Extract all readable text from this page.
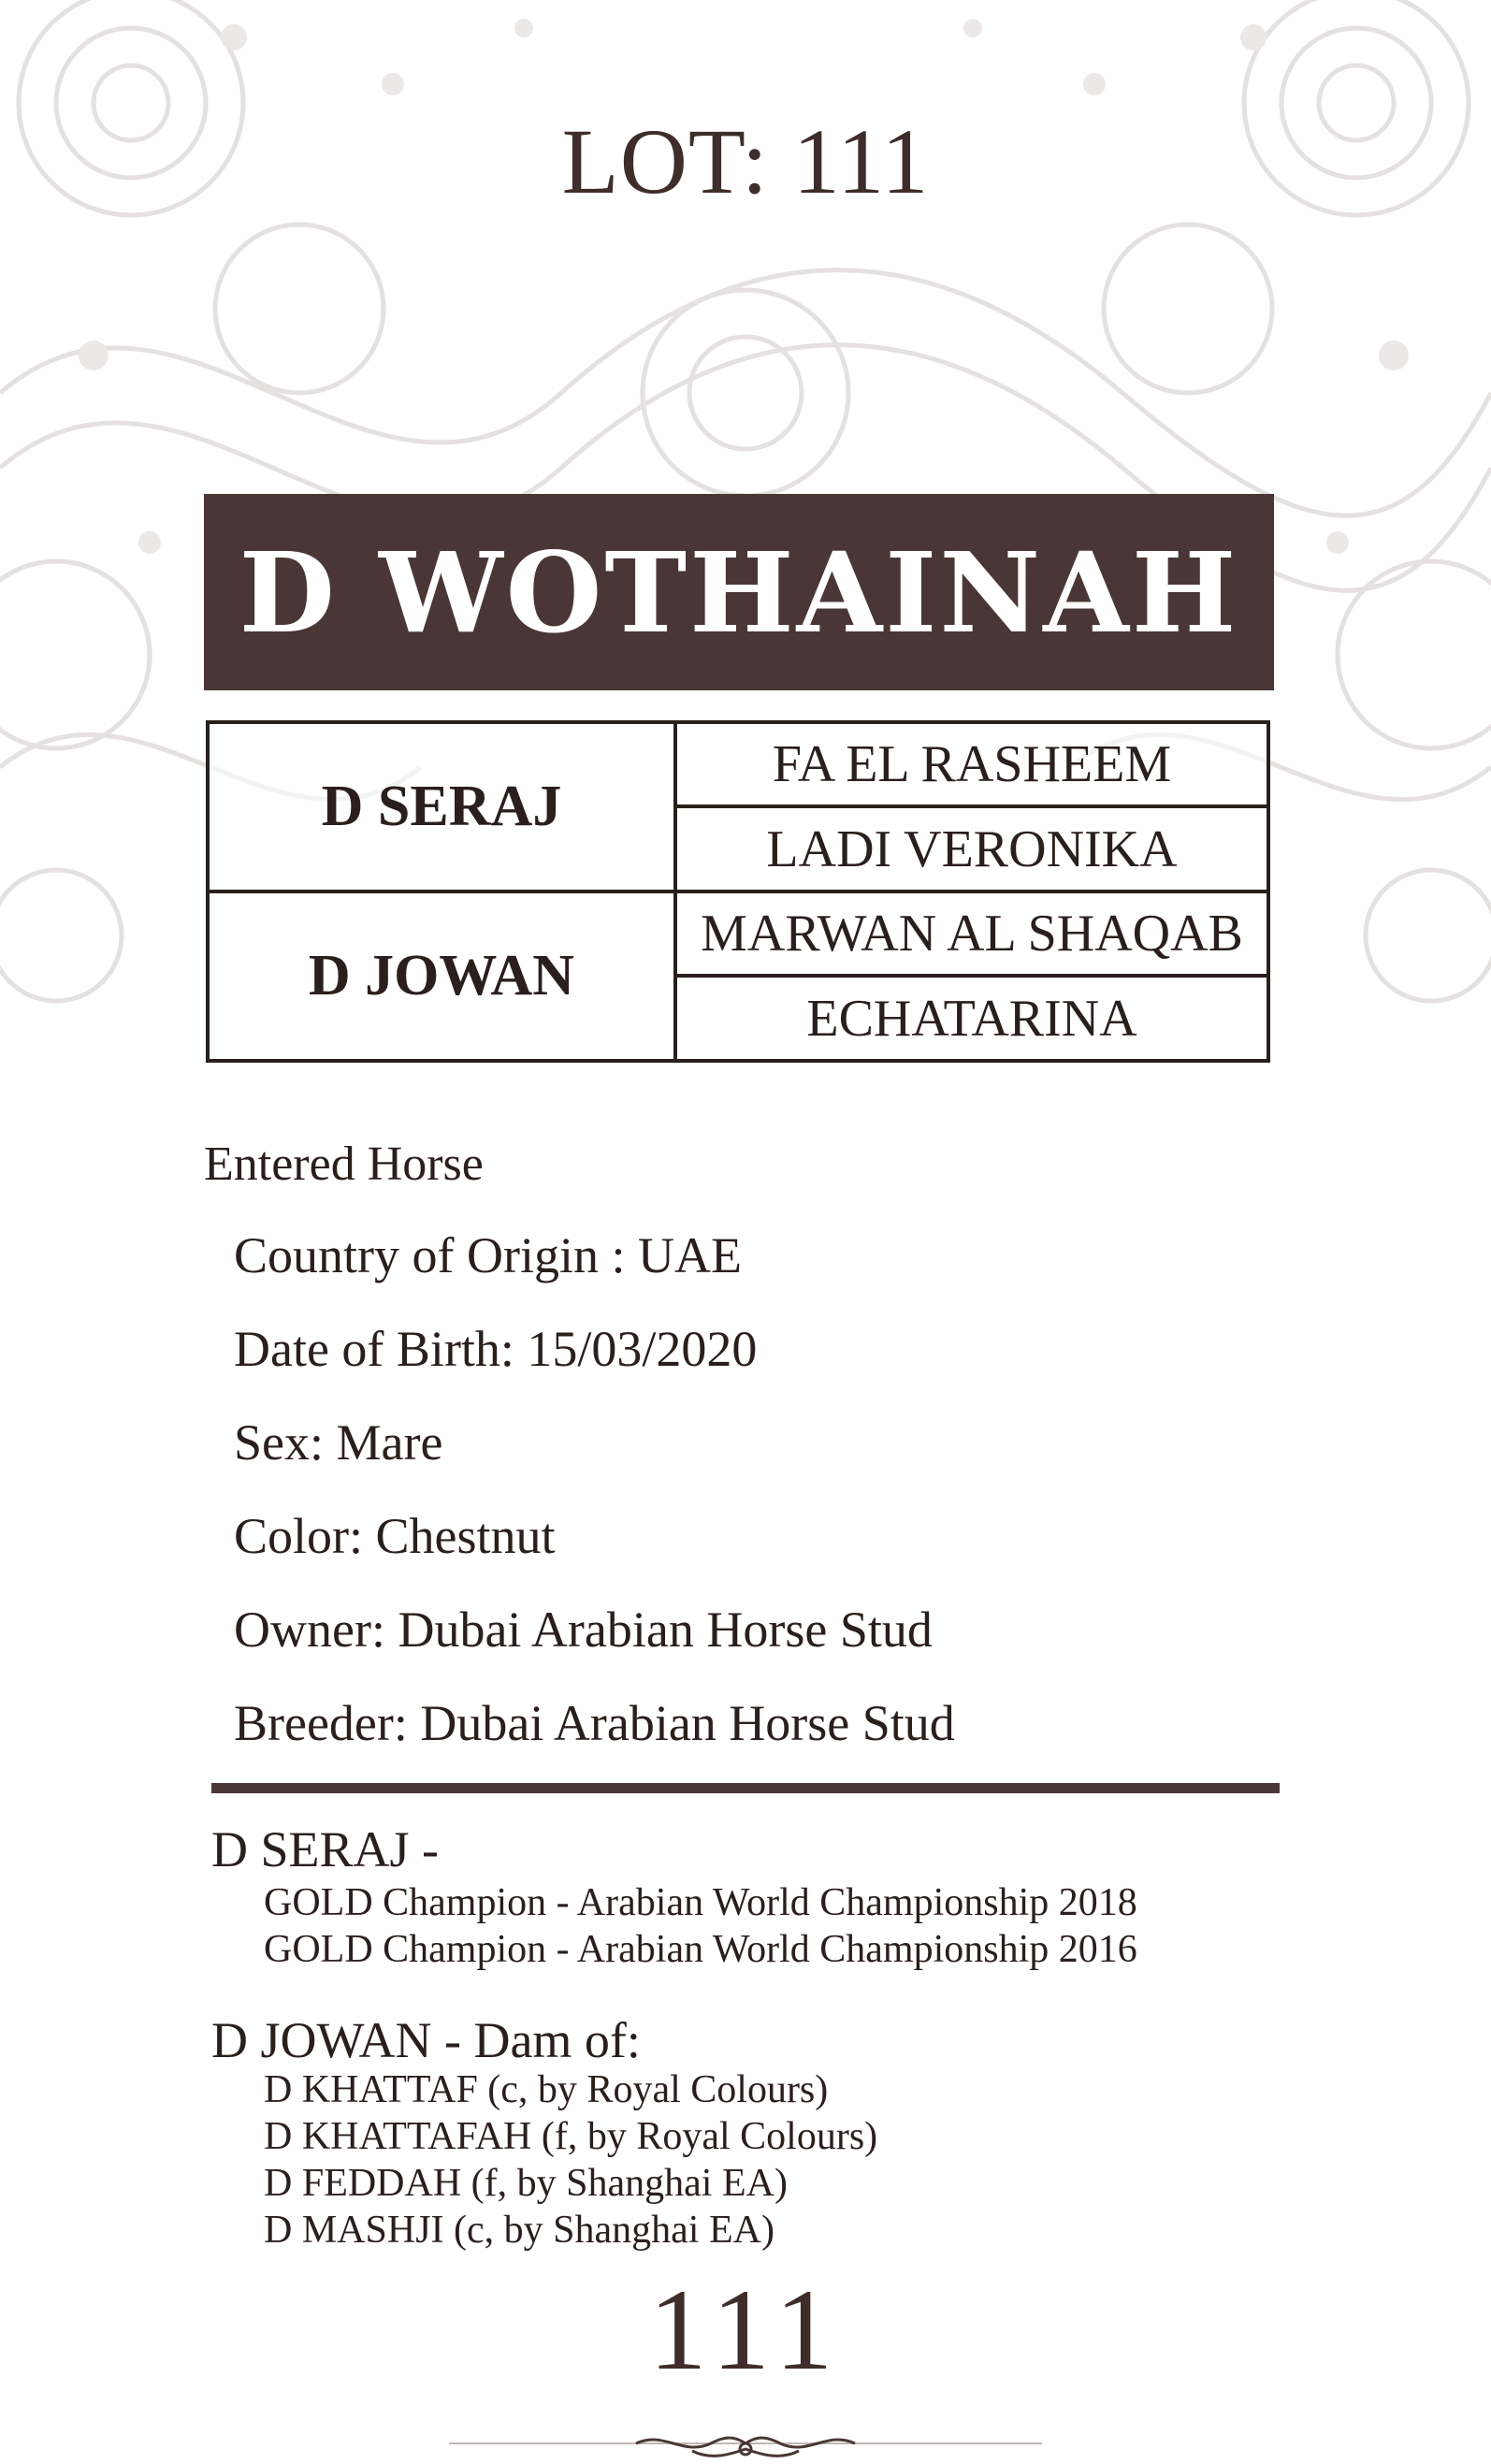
LOT: 111
D WOTHAINAH
D SERAJ
D JOWAN
FA EL RASHEEM
LADI VERONIKA
MARWAN AL SHAQAB
ECHATARINA
Entered Horse
Country of Origin : UAE
Date of Birth: 15/03/2020
Sex: Mare
Color: Chestnut
Owner: Dubai Arabian Horse Stud
Breeder: Dubai Arabian Horse Stud
D SERAJ -
GOLD Champion - Arabian World Championship 2018
GOLD Champion - Arabian World Championship 2016
D JOWAN - Dam of:
D KHATTAF (c, by Royal Colours)
D KHATTAFAH (f, by Royal Colours)
D FEDDAH (f, by Shanghai EA)
D MASHJI (c, by Shanghai EA)
111
